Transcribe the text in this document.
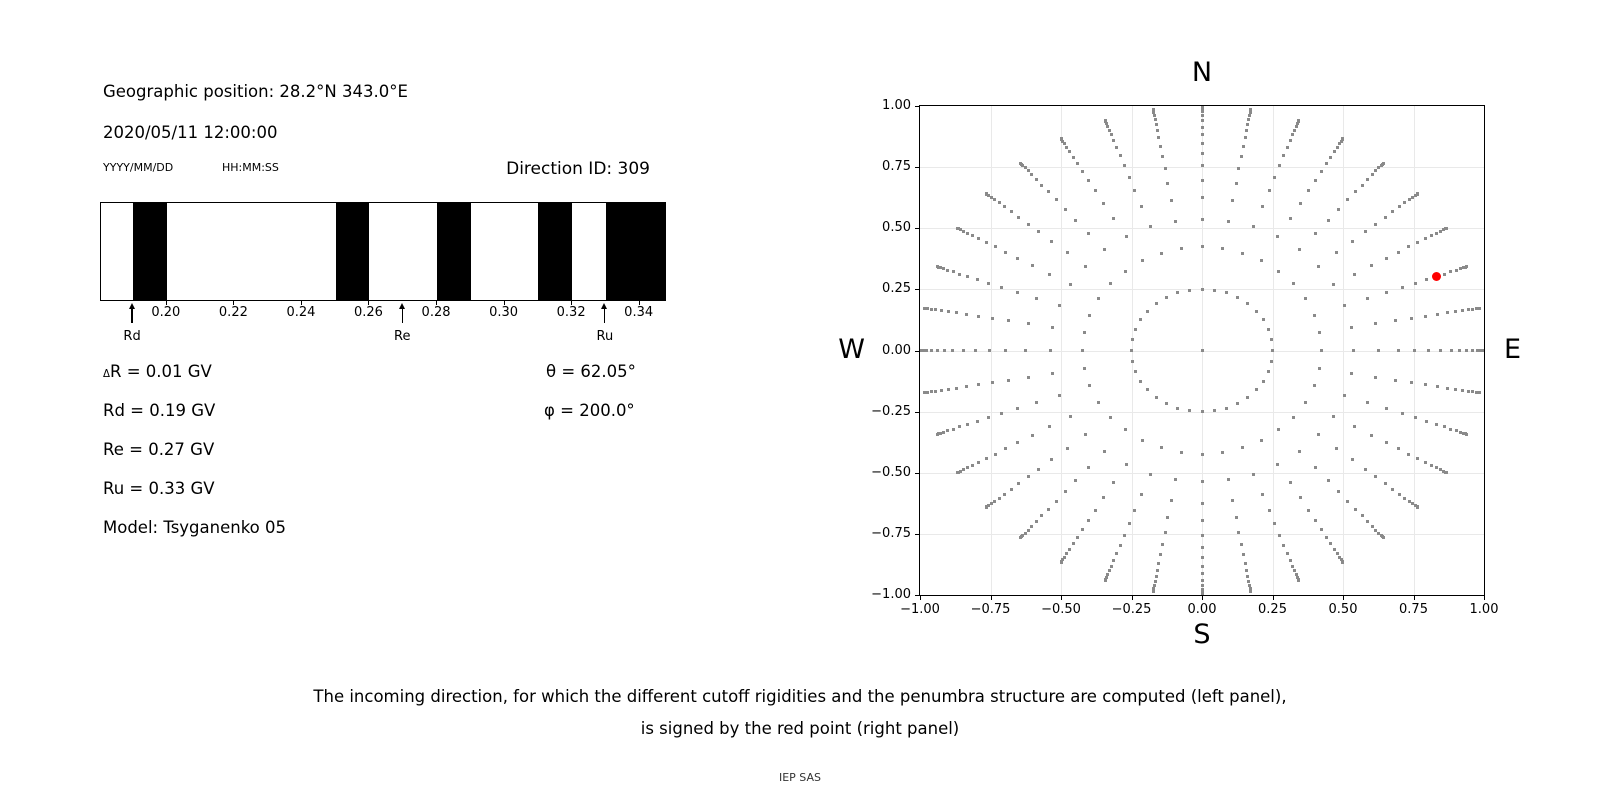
Geographic position: 28.2°N 343.0°E
2020/05/11 12:00:00
YYYY/MM/DD	HH:MM:SS	Direction ID: 309
0.20	0.22	0.24	0.26	0.28	0.30	0.32	0.34
Rd	Re	Ru
ΔR = 0.01 GV
Rd = 0.19 GV
Re = 0.27 GV
Ru = 0.33 GV
Model: Tsyganenko 05
θ = 62.05°
φ = 200.0°
N
S
W	E
−1.00 −0.75 −0.50 −0.25	0.00	0.25	0.50	0.75	1.00
−1.00
−0.75
−0.50
−0.25
0.00
0.25
0.50
0.75
1.00
The incoming direction, for which the different cutoff rigidities and the penumbra structure are computed (left panel),
is signed by the red point (right panel)
IEP SAS
